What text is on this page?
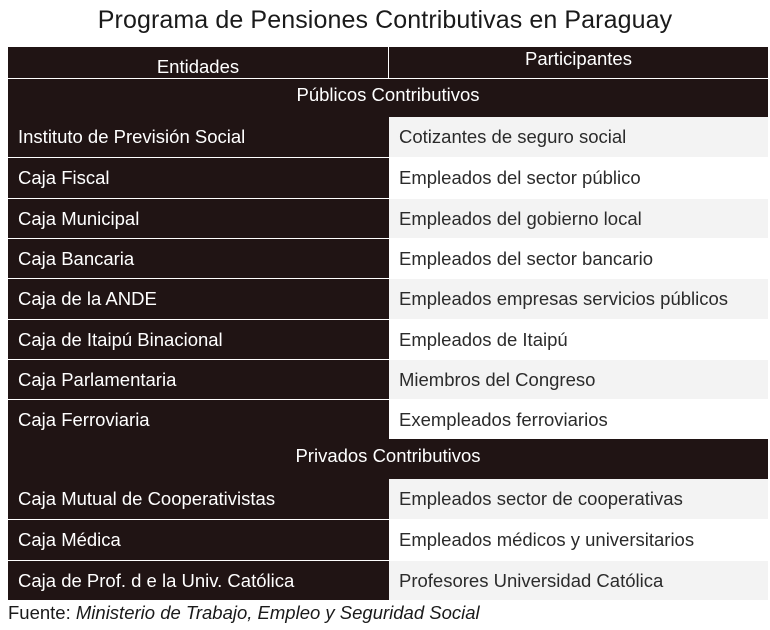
Programa de Pensiones Contributivas en Paraguay
Entidades	Participantes
Públicos Contributivos
Instituto de Previsión Social	Cotizantes de seguro social
Caja Fiscal	Empleados del sector público
Caja Municipal	Empleados del gobierno local
Caja Bancaria	Empleados del sector bancario
Caja de la ANDE	Empleados empresas servicios públicos
Caja de Itaipú Binacional	Empleados de Itaipú
Caja Parlamentaria	Miembros del Congreso
Caja Ferroviaria	Exempleados ferroviarios
Privados Contributivos
Caja Mutual de Cooperativistas	Empleados sector de cooperativas
Caja Médica	Empleados médicos y universitarios
Caja de Prof. d e la Univ. Católica	Profesores Universidad Católica
Fuente: Ministerio de Trabajo, Empleo y Seguridad Social
